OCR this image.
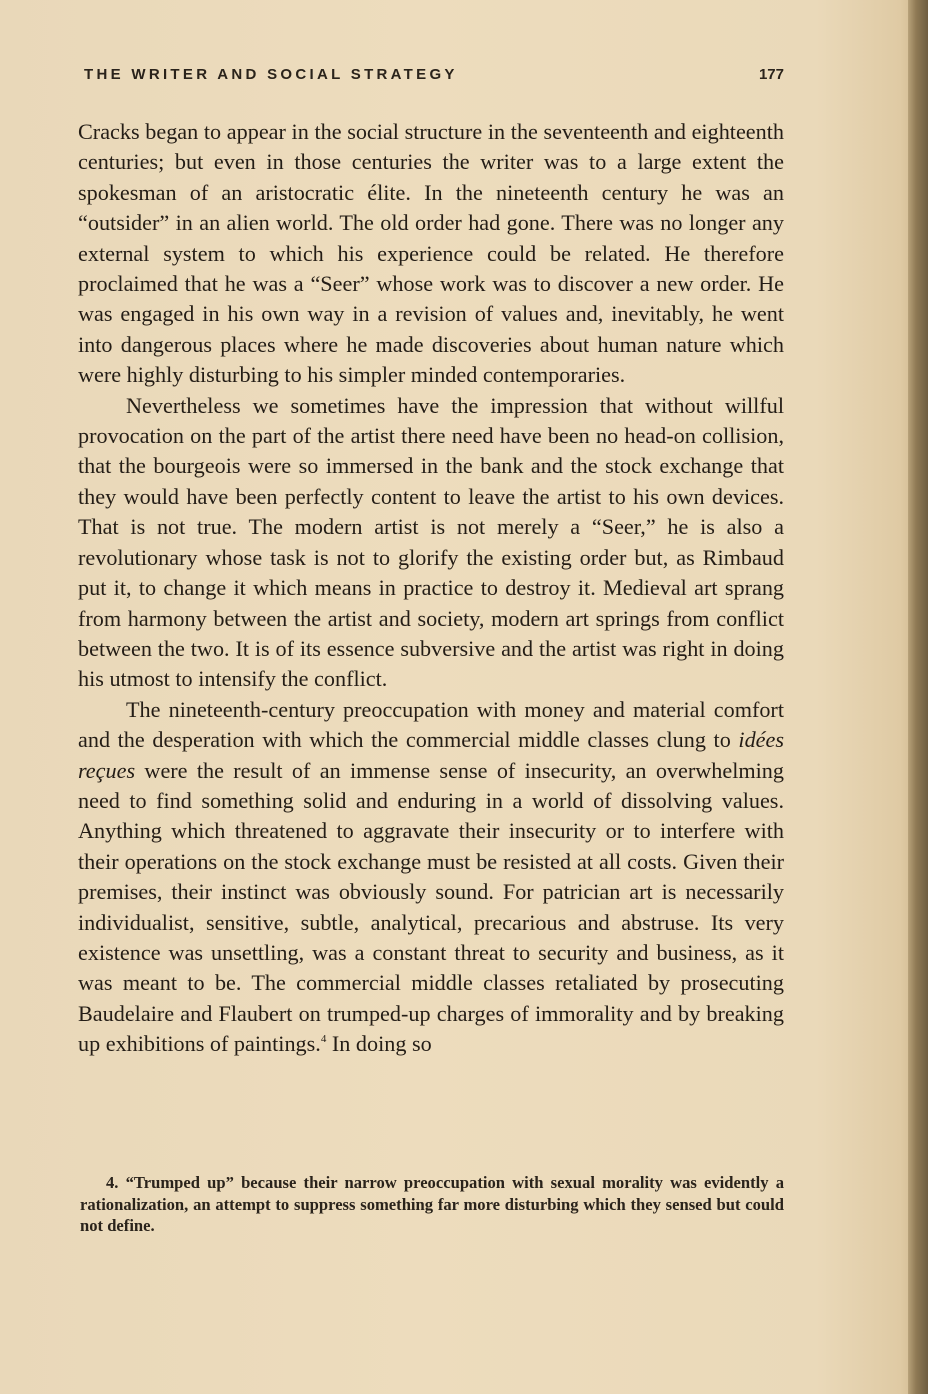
THE WRITER AND SOCIAL STRATEGY	177

Cracks began to appear in the social structure in the seventeenth and eighteenth centuries; but even in those centuries the writer was to a large extent the spokesman of an aristocratic élite. In the nineteenth century he was an “outsider” in an alien world. The old order had gone. There was no longer any external system to which his experience could be related. He therefore proclaimed that he was a “Seer” whose work was to discover a new order. He was engaged in his own way in a revision of values and, inevitably, he went into dangerous places where he made discoveries about human nature which were highly disturbing to his simpler minded contemporaries.

Nevertheless we sometimes have the impression that without willful provocation on the part of the artist there need have been no head-on collision, that the bourgeois were so immersed in the bank and the stock exchange that they would have been perfectly content to leave the artist to his own devices. That is not true. The modern artist is not merely a “Seer,” he is also a revolutionary whose task is not to glorify the existing order but, as Rimbaud put it, to change it which means in practice to destroy it. Medieval art sprang from harmony between the artist and society, modern art springs from conflict between the two. It is of its essence subversive and the artist was right in doing his utmost to intensify the conflict.

The nineteenth-century preoccupation with money and material comfort and the desperation with which the commercial middle classes clung to idées reçues were the result of an immense sense of insecurity, an overwhelming need to find something solid and enduring in a world of dissolving values. Anything which threatened to aggravate their insecurity or to interfere with their operations on the stock exchange must be resisted at all costs. Given their premises, their instinct was obviously sound. For patrician art is necessarily individualist, sensitive, subtle, analytical, precarious and abstruse. Its very existence was unsettling, was a constant threat to security and business, as it was meant to be. The commercial middle classes retaliated by prosecuting Baudelaire and Flaubert on trumped-up charges of immorality and by breaking up exhibitions of paintings.$^4$ In doing so

4. “Trumped up” because their narrow preoccupation with sexual morality was evidently a rationalization, an attempt to suppress something far more disturbing which they sensed but could not define.
